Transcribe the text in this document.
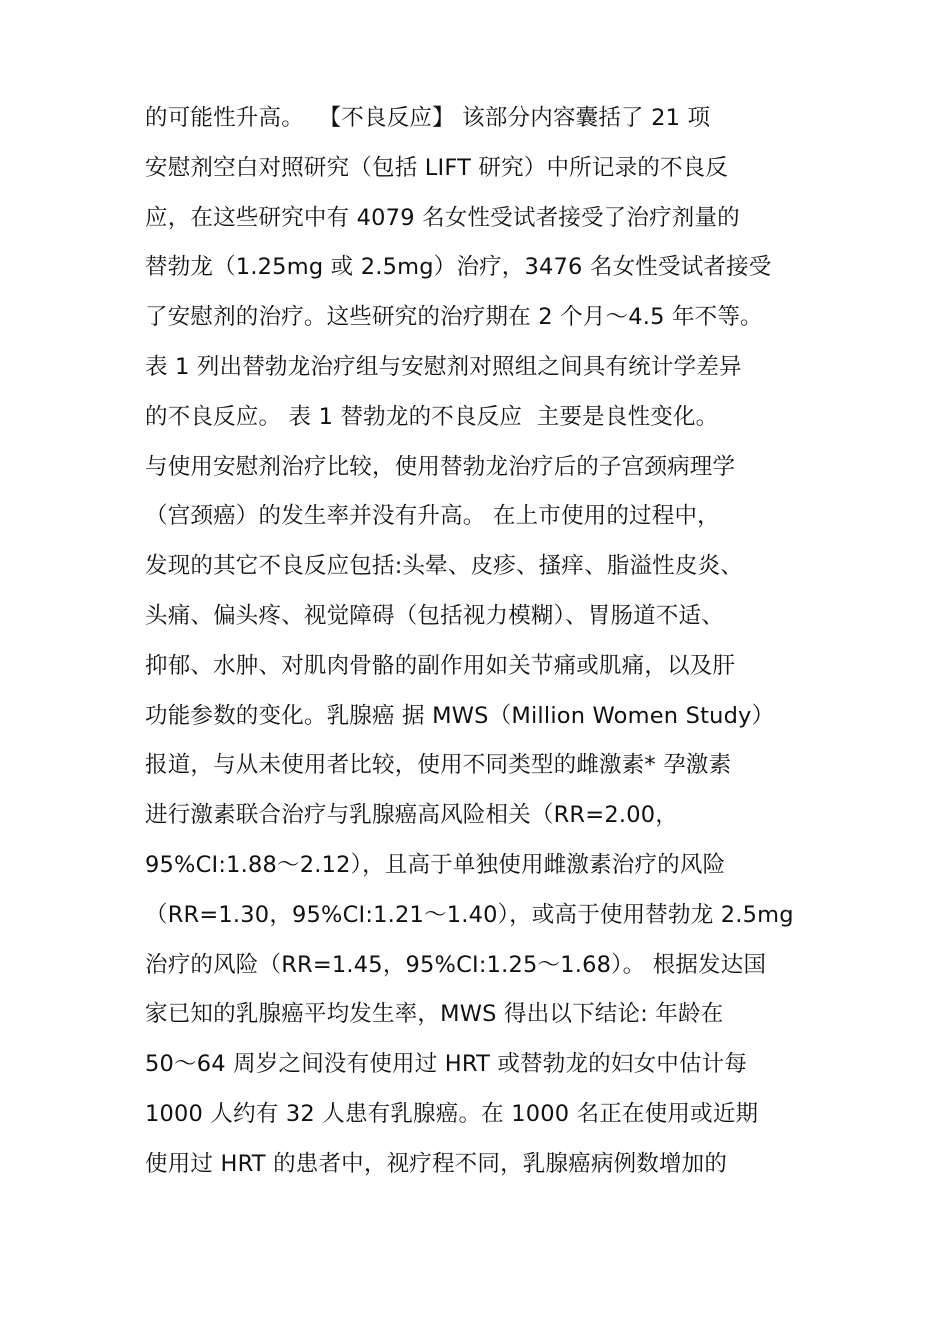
的可能性升高。  【不良反应】 该部分内容囊括了 21 项
安慰剂空白对照研究（包括 LIFT 研究）中所记录的不良反
应，在这些研究中有 4079 名女性受试者接受了治疗剂量的
替勃龙（1.25mg 或 2.5mg）治疗，3476 名女性受试者接受
了安慰剂的治疗。这些研究的治疗期在 2 个月～4.5 年不等。
表 1 列出替勃龙治疗组与安慰剂对照组之间具有统计学差异
的不良反应。 表 1 替勃龙的不良反应  主要是良性变化。
与使用安慰剂治疗比较，使用替勃龙治疗后的子宫颈病理学
（宫颈癌）的发生率并没有升高。 在上市使用的过程中，
发现的其它不良反应包括:头晕、皮疹、搔痒、脂溢性皮炎、
头痛、偏头疼、视觉障碍（包括视力模糊）、胃肠道不适、
抑郁、水肿、对肌肉骨骼的副作用如关节痛或肌痛，以及肝
功能参数的变化。乳腺癌 据 MWS（Million Women Study）
报道，与从未使用者比较，使用不同类型的雌激素* 孕激素
进行激素联合治疗与乳腺癌高风险相关（RR=2.00，
95%CI:1.88～2.12），且高于单独使用雌激素治疗的风险
（RR=1.30，95%CI:1.21～1.40），或高于使用替勃龙 2.5mg
治疗的风险（RR=1.45，95%CI:1.25～1.68）。 根据发达国
家已知的乳腺癌平均发生率，MWS 得出以下结论: 年龄在
50～64 周岁之间没有使用过 HRT 或替勃龙的妇女中估计每
1000 人约有 32 人患有乳腺癌。在 1000 名正在使用或近期
使用过 HRT 的患者中，视疗程不同，乳腺癌病例数增加的
